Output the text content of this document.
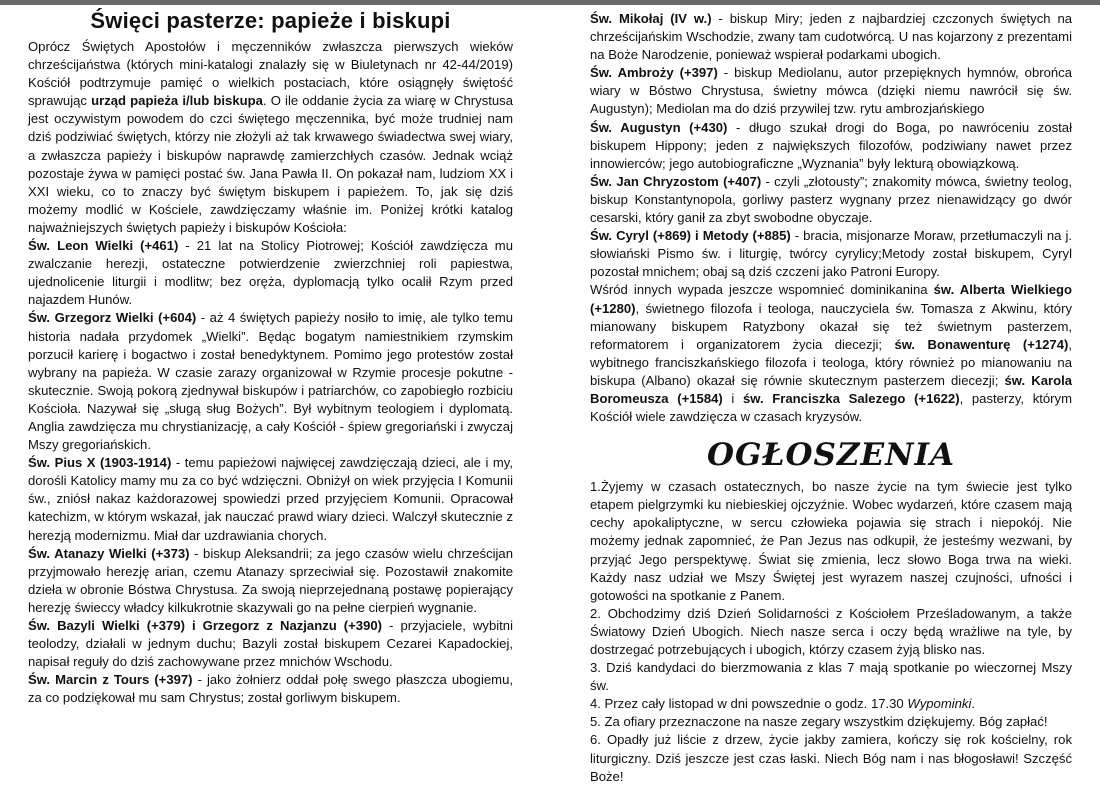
Święci pasterze: papieże i biskupi

Oprócz Świętych Apostołów i męczenników zwłaszcza pierwszych wieków chrześcijaństwa (których mini-katalogi znalazły się w Biuletynach nr 42-44/2019) Kościół podtrzymuje pamięć o wielkich postaciach, które osiągnęły świętość sprawując urząd papieża i/lub biskupa. O ile oddanie życia za wiarę w Chrystusa jest oczywistym powodem do czci świętego męczennika, być może trudniej nam dziś podziwiać świętych, którzy nie złożyli aż tak krwawego świadectwa swej wiary, a zwłaszcza papieży i biskupów naprawdę zamierzchłych czasów. Jednak wciąż pozostaje żywa w pamięci postać św. Jana Pawła II. On pokazał nam, ludziom XX i XXI wieku, co to znaczy być świętym biskupem i papieżem. To, jak się dziś możemy modlić w Kościele, zawdzięczamy właśnie im. Poniżej krótki katalog najważniejszych świętych papieży i biskupów Kościoła:

Św. Leon Wielki (+461) - 21 lat na Stolicy Piotrowej; Kościół zawdzięcza mu zwalczanie herezji, ostateczne potwierdzenie zwierzchniej roli papiestwa, ujednolicenie liturgii i modlitw; bez oręża, dyplomacją tylko ocalił Rzym przed najazdem Hunów.

Św. Grzegorz Wielki (+604) - aż 4 świętych papieży nosiło to imię, ale tylko temu historia nadała przydomek „Wielki”. Będąc bogatym namiestnikiem rzymskim porzucił karierę i bogactwo i został benedyktynem. Pomimo jego protestów został wybrany na papieża. W czasie zarazy organizował w Rzymie procesje pokutne - skutecznie. Swoją pokorą zjednywał biskupów i patriarchów, co zapobiegło rozbiciu Kościoła. Nazywał się „sługą sług Bożych”. Był wybitnym teologiem i dyplomatą. Anglia zawdzięcza mu chrystianizację, a cały Kościół - śpiew gregoriański i zwyczaj Mszy gregoriańskich.

Św. Pius X (1903-1914) - temu papieżowi najwięcej zawdzięczają dzieci, ale i my, dorośli Katolicy mamy mu za co być wdzięczni. Obniżył on wiek przyjęcia I Komunii św., zniósł nakaz każdorazowej spowiedzi przed przyjęciem Komunii. Opracował katechizm, w którym wskazał, jak nauczać prawd wiary dzieci. Walczył skutecznie z herezją modernizmu. Miał dar uzdrawiania chorych.

Św. Atanazy Wielki (+373) - biskup Aleksandrii; za jego czasów wielu chrześcijan przyjmowało herezję arian, czemu Atanazy sprzeciwiał się. Pozostawił znakomite dzieła w obronie Bóstwa Chrystusa. Za swoją nieprzejednaną postawę popierający herezję świeccy władcy kilkukrotnie skazywali go na pełne cierpień wygnanie.

Św. Bazyli Wielki (+379) i Grzegorz z Nazjanzu (+390) - przyjaciele, wybitni teolodzy, działali w jednym duchu; Bazyli został biskupem Cezarei Kapadockiej, napisał reguły do dziś zachowywane przez mnichów Wschodu.

Św. Marcin z Tours (+397) - jako żołnierz oddał połę swego płaszcza ubogiemu, za co podziękował mu sam Chrystus; został gorliwym biskupem.

Św. Mikołaj (IV w.) - biskup Miry; jeden z najbardziej czczonych świętych na chrześcijańskim Wschodzie, zwany tam cudotwórcą. U nas kojarzony z prezentami na Boże Narodzenie, ponieważ wspierał podarkami ubogich.

Św. Ambroży (+397) - biskup Mediolanu, autor przepięknych hymnów, obrońca wiary w Bóstwo Chrystusa, świetny mówca (dzięki niemu nawrócił się św. Augustyn); Mediolan ma do dziś przywilej tzw. rytu ambrozjańskiego

Św. Augustyn (+430) - długo szukał drogi do Boga, po nawróceniu został biskupem Hippony; jeden z największych filozofów, podziwiany nawet przez innowierców; jego autobiograficzne „Wyznania” były lekturą obowiązkową.

Św. Jan Chryzostom (+407) - czyli „złotousty”; znakomity mówca, świetny teolog, biskup Konstantynopola, gorliwy pasterz wygnany przez nienawidzący go dwór cesarski, który ganił za zbyt swobodne obyczaje.

Św. Cyryl (+869) i Metody (+885) - bracia, misjonarze Moraw, przetłumaczyli na j. słowiański Pismo św. i liturgię, twórcy cyrylicy;Metody został biskupem, Cyryl pozostał mnichem; obaj są dziś czczeni jako Patroni Europy.

Wśród innych wypada jeszcze wspomnieć dominikanina św. Alberta Wielkiego (+1280), świetnego filozofa i teologa, nauczyciela św. Tomasza z Akwinu, który mianowany biskupem Ratyzbony okazał się też świetnym pasterzem, reformatorem i organizatorem życia diecezji; św. Bonawenturę (+1274), wybitnego franciszkańskiego filozofa i teologa, który również po mianowaniu na biskupa (Albano) okazał się równie skutecznym pasterzem diecezji; św. Karola Boromeusza (+1584) i św. Franciszka Salezego (+1622), pasterzy, którym Kościół wiele zawdzięcza w czasach kryzysów.

OGŁOSZENIA

1.Żyjemy w czasach ostatecznych, bo nasze życie na tym świecie jest tylko etapem pielgrzymki ku niebieskiej ojczyźnie. Wobec wydarzeń, które czasem mają cechy apokaliptyczne, w sercu człowieka pojawia się strach i niepokój. Nie możemy jednak zapomnieć, że Pan Jezus nas odkupił, że jesteśmy wezwani, by przyjąć Jego perspektywę. Świat się zmienia, lecz słowo Boga trwa na wieki. Każdy nasz udział we Mszy Świętej jest wyrazem naszej czujności, ufności i gotowości na spotkanie z Panem.

2. Obchodzimy dziś Dzień Solidarności z Kościołem Prześladowanym, a także Światowy Dzień Ubogich. Niech nasze serca i oczy będą wrażliwe na tyle, by dostrzegać potrzebujących i ubogich, którzy czasem żyją blisko nas.

3. Dziś kandydaci do bierzmowania z klas 7 mają spotkanie po wieczornej Mszy św.

4. Przez cały listopad w dni powszednie o godz. 17.30 Wypominki.

5. Za ofiary przeznaczone na nasze zegary wszystkim dziękujemy. Bóg zapłać!

6. Opadły już liście z drzew, życie jakby zamiera, kończy się rok kościelny, rok liturgiczny. Dziś jeszcze jest czas łaski. Niech Bóg nam i nas błogosławi! Szczęść Boże!
